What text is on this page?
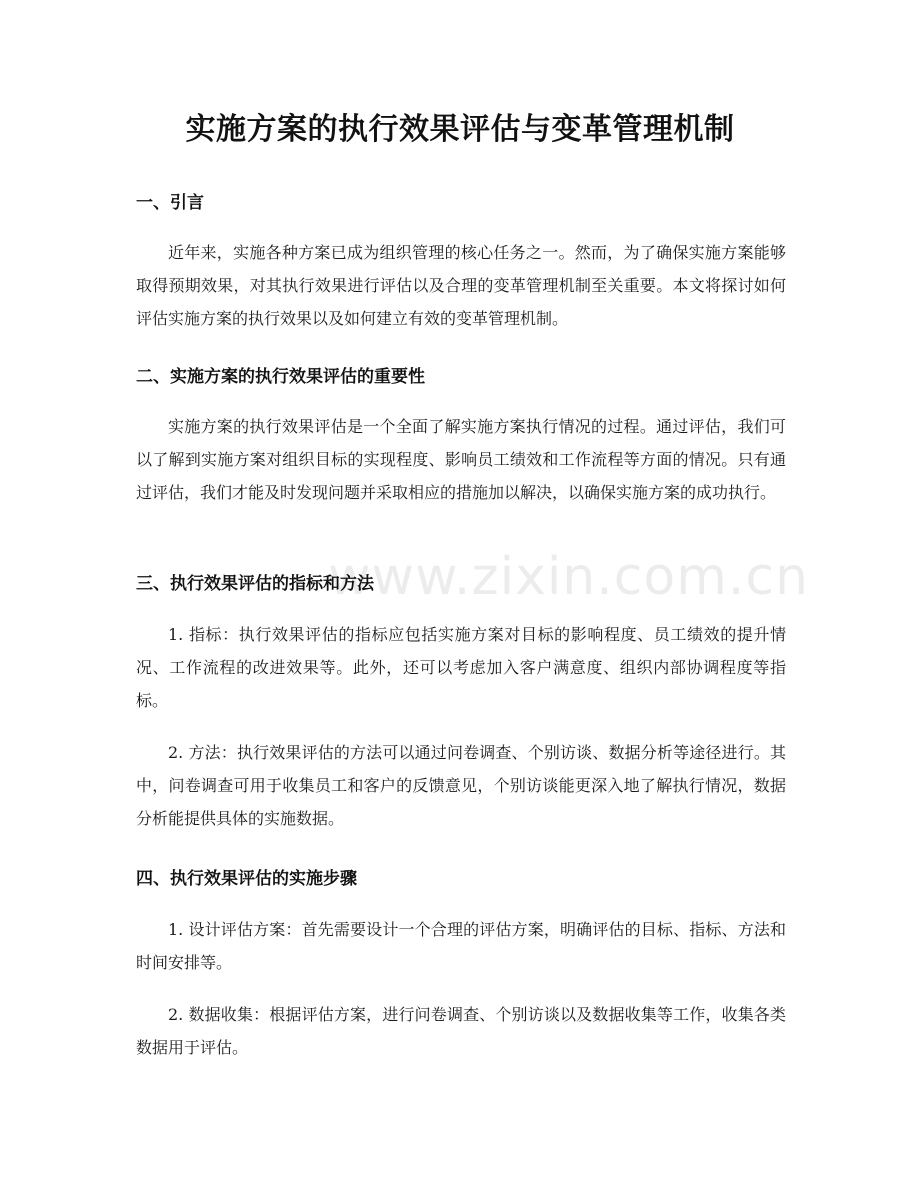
实施方案的执行效果评估与变革管理机制
www.zixin.com.cn
一、引言
近年来，实施各种方案已成为组织管理的核心任务之一。然而，为了确保实施方案能够取得预期效果，对其执行效果进行评估以及合理的变革管理机制至关重要。本文将探讨如何评估实施方案的执行效果以及如何建立有效的变革管理机制。
二、实施方案的执行效果评估的重要性
实施方案的执行效果评估是一个全面了解实施方案执行情况的过程。通过评估，我们可以了解到实施方案对组织目标的实现程度、影响员工绩效和工作流程等方面的情况。只有通过评估，我们才能及时发现问题并采取相应的措施加以解决，以确保实施方案的成功执行。
三、执行效果评估的指标和方法
1. 指标：执行效果评估的指标应包括实施方案对目标的影响程度、员工绩效的提升情况、工作流程的改进效果等。此外，还可以考虑加入客户满意度、组织内部协调程度等指标。
2. 方法：执行效果评估的方法可以通过问卷调查、个别访谈、数据分析等途径进行。其中，问卷调查可用于收集员工和客户的反馈意见，个别访谈能更深入地了解执行情况，数据分析能提供具体的实施数据。
四、执行效果评估的实施步骤
1. 设计评估方案：首先需要设计一个合理的评估方案，明确评估的目标、指标、方法和时间安排等。
2. 数据收集：根据评估方案，进行问卷调查、个别访谈以及数据收集等工作，收集各类数据用于评估。
